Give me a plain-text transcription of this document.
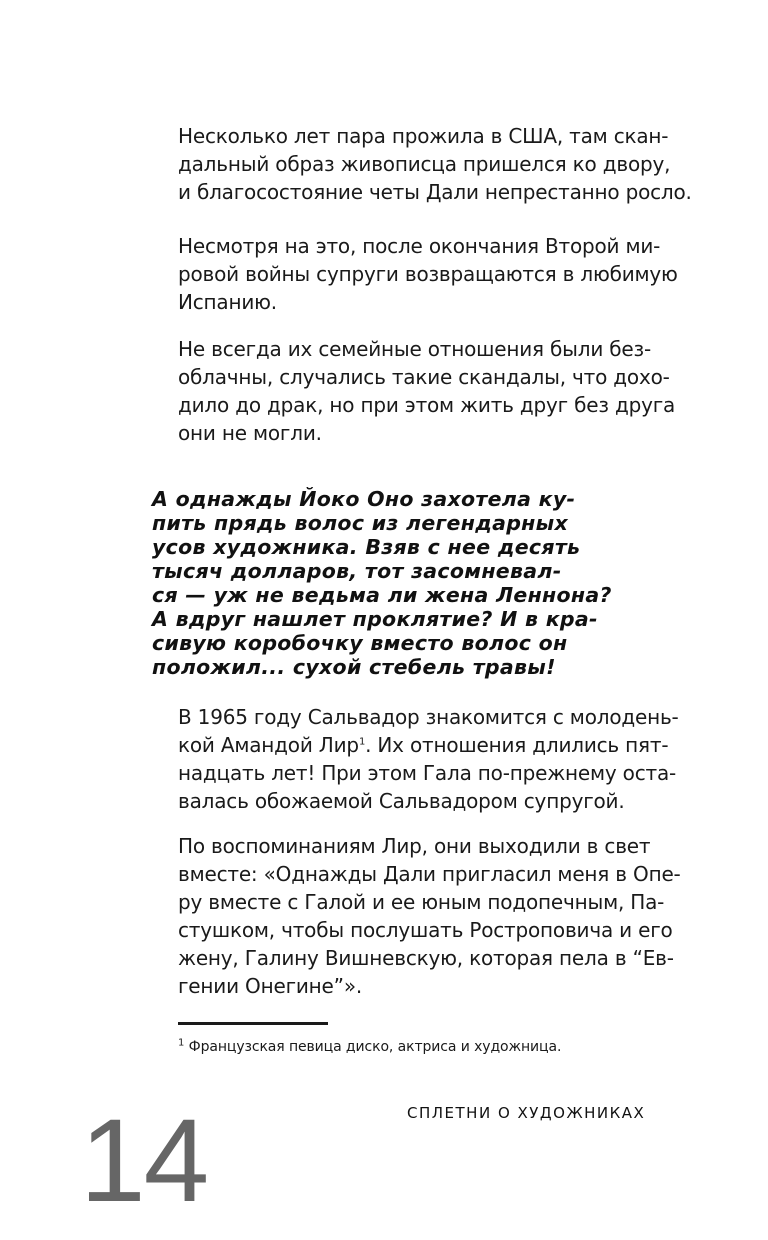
Несколько лет пара прожила в США, там скан-

дальный образ живописца пришелся ко двору,

и благосостояние четы Дали непрестанно росло.

Несмотря на это, после окончания Второй ми-

ровой войны супруги возвращаются в любимую

Испанию.

Не всегда их семейные отношения были без-

облачны, случались такие скандалы, что дохо-

дило до драк, но при этом жить друг без друга

они не могли.

А однажды Йоко Оно захотела ку-

пить прядь волос из легендарных

усов художника. Взяв с нее десять

тысяч долларов, тот засомневал-

ся — уж не ведьма ли жена Леннона?

А вдруг нашлет проклятие? И в кра-

сивую коробочку вместо волос он

положил... сухой стебель травы!

В 1965 году Сальвадор знакомится с молодень-

кой Амандой Лир$^1$. Их отношения длились пят-

надцать лет! При этом Гала по-прежнему оста-

валась обожаемой Сальвадором супругой.

По воспоминаниям Лир, они выходили в свет

вместе: «Однажды Дали пригласил меня в Опе-

ру вместе с Галой и ее юным подопечным, Па-

стушком, чтобы послушать Ростроповича и его

жену, Галину Вишневскую, которая пела в “Ев-

гении Онегине”».

$^1$ Французская певица диско, актриса и художница.

СПЛЕТНИ О ХУДОЖНИКАХ

14
